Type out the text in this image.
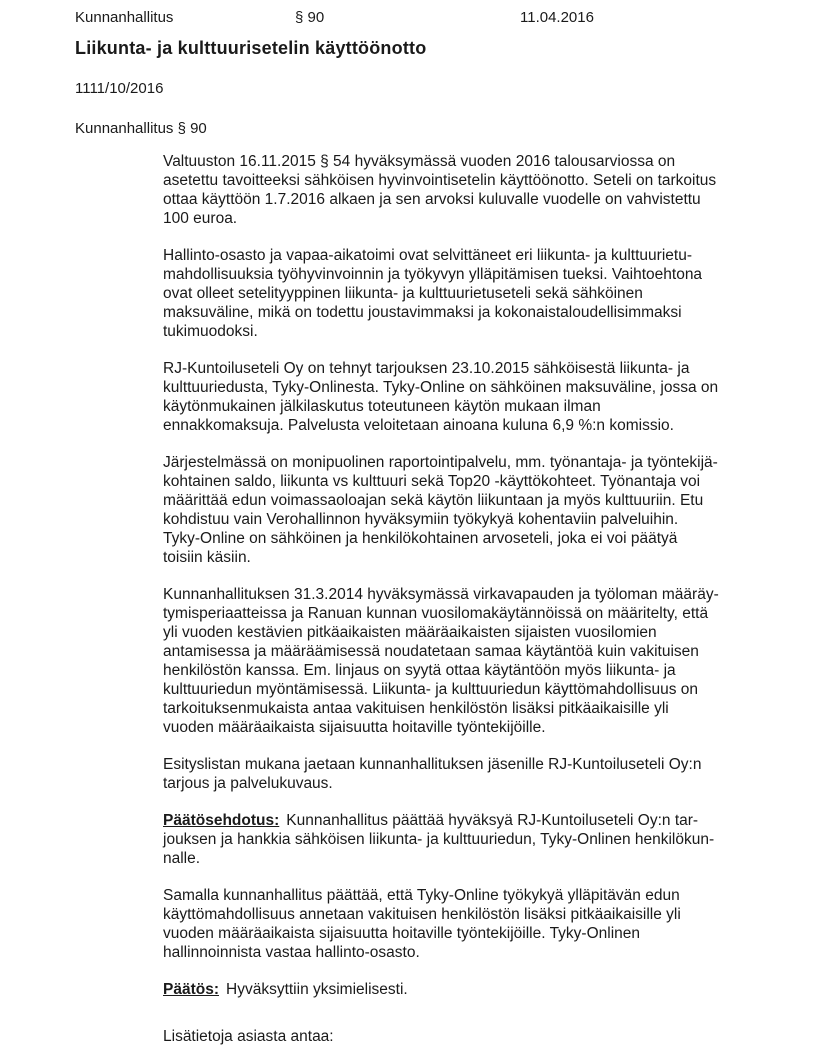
Kunnanhallitus	§ 90	11.04.2016
Liikunta- ja kulttuurisetelin käyttöönotto
1111/10/2016
Kunnanhallitus § 90

Valtuuston 16.11.2015 § 54 hyväksymässä vuoden 2016 talousarviossa on
asetettu tavoitteeksi sähköisen hyvinvointisetelin käyttöönotto. Seteli on tarkoitus
ottaa käyttöön 1.7.2016 alkaen ja sen arvoksi kuluvalle vuodelle on vahvistettu
100 euroa.

Hallinto-osasto ja vapaa-aikatoimi ovat selvittäneet eri liikunta- ja kulttuurietu-
mahdollisuuksia työhyvinvoinnin ja työkyvyn ylläpitämisen tueksi. Vaihtoehtona
ovat olleet setelityyppinen liikunta- ja kulttuurietuseteli sekä sähköinen
maksuväline, mikä on todettu joustavimmaksi ja kokonaistaloudellisimmaksi
tukimuodoksi.

RJ-Kuntoiluseteli Oy on tehnyt tarjouksen 23.10.2015 sähköisestä liikunta- ja
kulttuuriedusta, Tyky-Onlinesta. Tyky-Online on sähköinen maksuväline, jossa on
käytönmukainen jälkilaskutus toteutuneen käytön mukaan ilman
ennakkomaksuja. Palvelusta veloitetaan ainoana kuluna 6,9 %:n komissio.

Järjestelmässä on monipuolinen raportointipalvelu, mm. työnantaja- ja työntekijä-
kohtainen saldo, liikunta vs kulttuuri sekä Top20 -käyttökohteet. Työnantaja voi
määrittää edun voimassaoloajan sekä käytön liikuntaan ja myös kulttuuriin. Etu
kohdistuu vain Verohallinnon hyväksymiin työkykyä kohentaviin palveluihin.
Tyky-Online on sähköinen ja henkilökohtainen arvoseteli, joka ei voi päätyä
toisiin käsiin.

Kunnanhallituksen 31.3.2014 hyväksymässä virkavapauden ja työloman määräy-
tymisperiaatteissa ja Ranuan kunnan vuosilomakäytännöissä on määritelty, että
yli vuoden kestävien pitkäaikaisten määräaikaisten sijaisten vuosilomien
antamisessa ja määräämisessä noudatetaan samaa käytäntöä kuin vakituisen
henkilöstön kanssa. Em. linjaus on syytä ottaa käytäntöön myös liikunta- ja
kulttuuriedun myöntämisessä. Liikunta- ja kulttuuriedun käyttömahdollisuus on
tarkoituksenmukaista antaa vakituisen henkilöstön lisäksi pitkäaikaisille yli
vuoden määräaikaista sijaisuutta hoitaville työntekijöille.

Esityslistan mukana jaetaan kunnanhallituksen jäsenille RJ-Kuntoiluseteli Oy:n
tarjous ja palvelukuvaus.

Päätösehdotus: Kunnanhallitus päättää hyväksyä RJ-Kuntoiluseteli Oy:n tar-
jouksen ja hankkia sähköisen liikunta- ja kulttuuriedun, Tyky-Onlinen henkilökun-
nalle.

Samalla kunnanhallitus päättää, että Tyky-Online työkykyä ylläpitävän edun
käyttömahdollisuus annetaan vakituisen henkilöstön lisäksi pitkäaikaisille yli
vuoden määräaikaista sijaisuutta hoitaville työntekijöille. Tyky-Onlinen
hallinnoinnista vastaa hallinto-osasto.

Päätös: Hyväksyttiin yksimielisesti.

Lisätietoja asiasta antaa:
